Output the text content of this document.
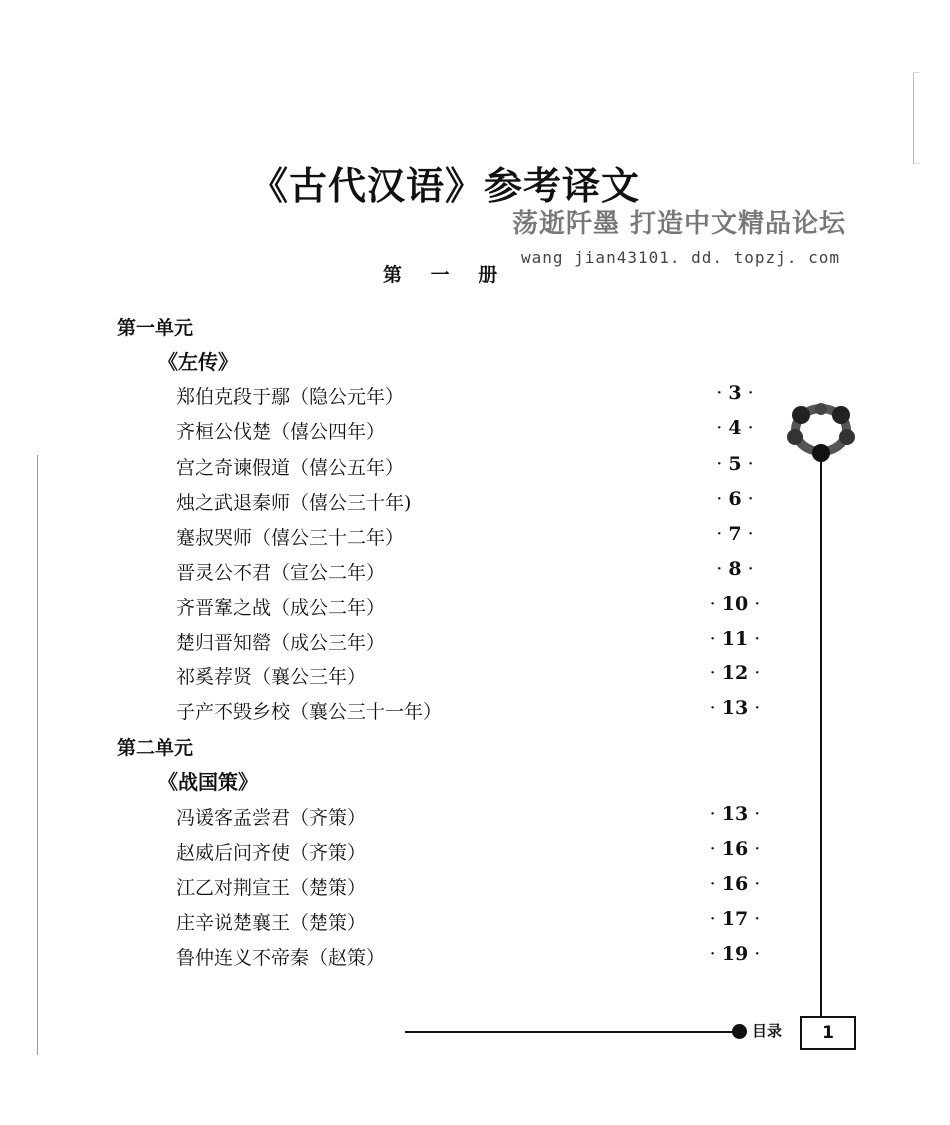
《古代汉语》参考译文
荡逝阡墨 打造中文精品论坛
wang jian43101. dd. topzj. com
第 一 册
第一单元
《左传》
郑伯克段于鄢（隐公元年）	· 3 ·
齐桓公伐楚（僖公四年）	· 4 ·
宫之奇谏假道（僖公五年）	· 5 ·
烛之武退秦师（僖公三十年)	· 6 ·
蹇叔哭师（僖公三十二年）	· 7 ·
晋灵公不君（宣公二年）	· 8 ·
齐晋鞌之战（成公二年）	· 10 ·
楚归晋知罃（成公三年）	· 11 ·
祁奚荐贤（襄公三年）	· 12 ·
子产不毁乡校（襄公三十一年）	· 13 ·
第二单元
《战国策》
冯谖客孟尝君（齐策）	· 13 ·
赵威后问齐使（齐策）	· 16 ·
江乙对荆宣王（楚策）	· 16 ·
庄辛说楚襄王（楚策）	· 17 ·
鲁仲连义不帝秦（赵策）	· 19 ·
目录	1
